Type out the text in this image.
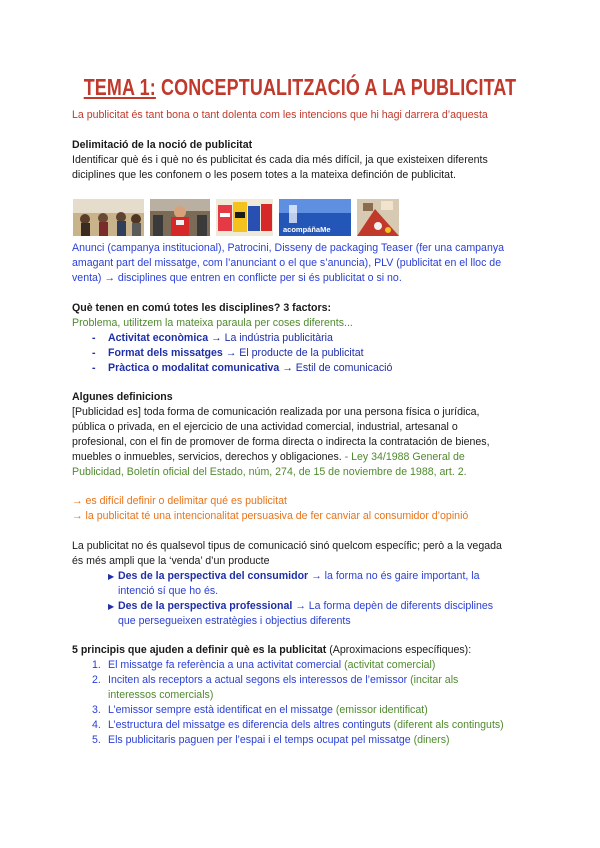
TEMA 1: CONCEPTUALITZACIÓ A LA PUBLICITAT
La publicitat és tant bona o tant dolenta com les intencions que hi hagi darrera d’aquesta
Delimitació de la noció de publicitat
Identificar què és i què no és publicitat és cada dia més difícil, ja que existeixen diferents
diciplines que les confonem o les posem totes a la mateixa definción de publicitat.
acompáñaMe
Anunci (campanya institucional), Patrocini, Disseny de packaging Teaser (fer una campanya
amagant part del missatge, com l’anunciant o el que s’anuncia), PLV (publicitat en el lloc de
venta) → disciplines que entren en conflicte per si és publicitat o si no.
Què tenen en comú totes les disciplines? 3 factors:
Problema, utilitzem la mateixa paraula per coses diferents...
- Activitat econòmica → La indústria publicitària
- Format dels missatges → El producte de la publicitat
- Pràctica o modalitat comunicativa → Estil de comunicació
Algunes definicions
[Publicidad es] toda forma de comunicación realizada por una persona física o jurídica,
pública o privada, en el ejercicio de una actividad comercial, industrial, artesanal o
profesional, con el fin de promover de forma directa o indirecta la contratación de bienes,
muebles o inmuebles, servicios, derechos y obligaciones. - Ley 34/1988 General de
Publicidad, Boletín oficial del Estado, núm, 274, de 15 de noviembre de 1988, art. 2.
→ es difícil definir o delimitar qué es publicitat
→ la publicitat té una intencionalitat persuasiva de fer canviar al consumidor d’opinió
La publicitat no és qualsevol tipus de comunicació sinó quelcom específic; però a la vegada
és més ampli que la ‘venda’ d’un producte
▶ Des de la perspectiva del consumidor → la forma no és gaire important, la
intenció sí que ho és.
▶ Des de la perspectiva professional → La forma depèn de diferents disciplines
que persegueixen estratègies i objectius diferents
5 principis que ajuden a definir què es la publicitat (Aproximacions específiques):
1. El missatge fa referència a una activitat comercial (activitat comercial)
2. Inciten als receptors a actual segons els interessos de l’emissor (incitar als
interessos comercials)
3. L’emissor sempre està identificat en el missatge (emissor identificat)
4. L’estructura del missatge es diferencia dels altres continguts (diferent als continguts)
5. Els publicitaris paguen per l’espai i el temps ocupat pel missatge (diners)
